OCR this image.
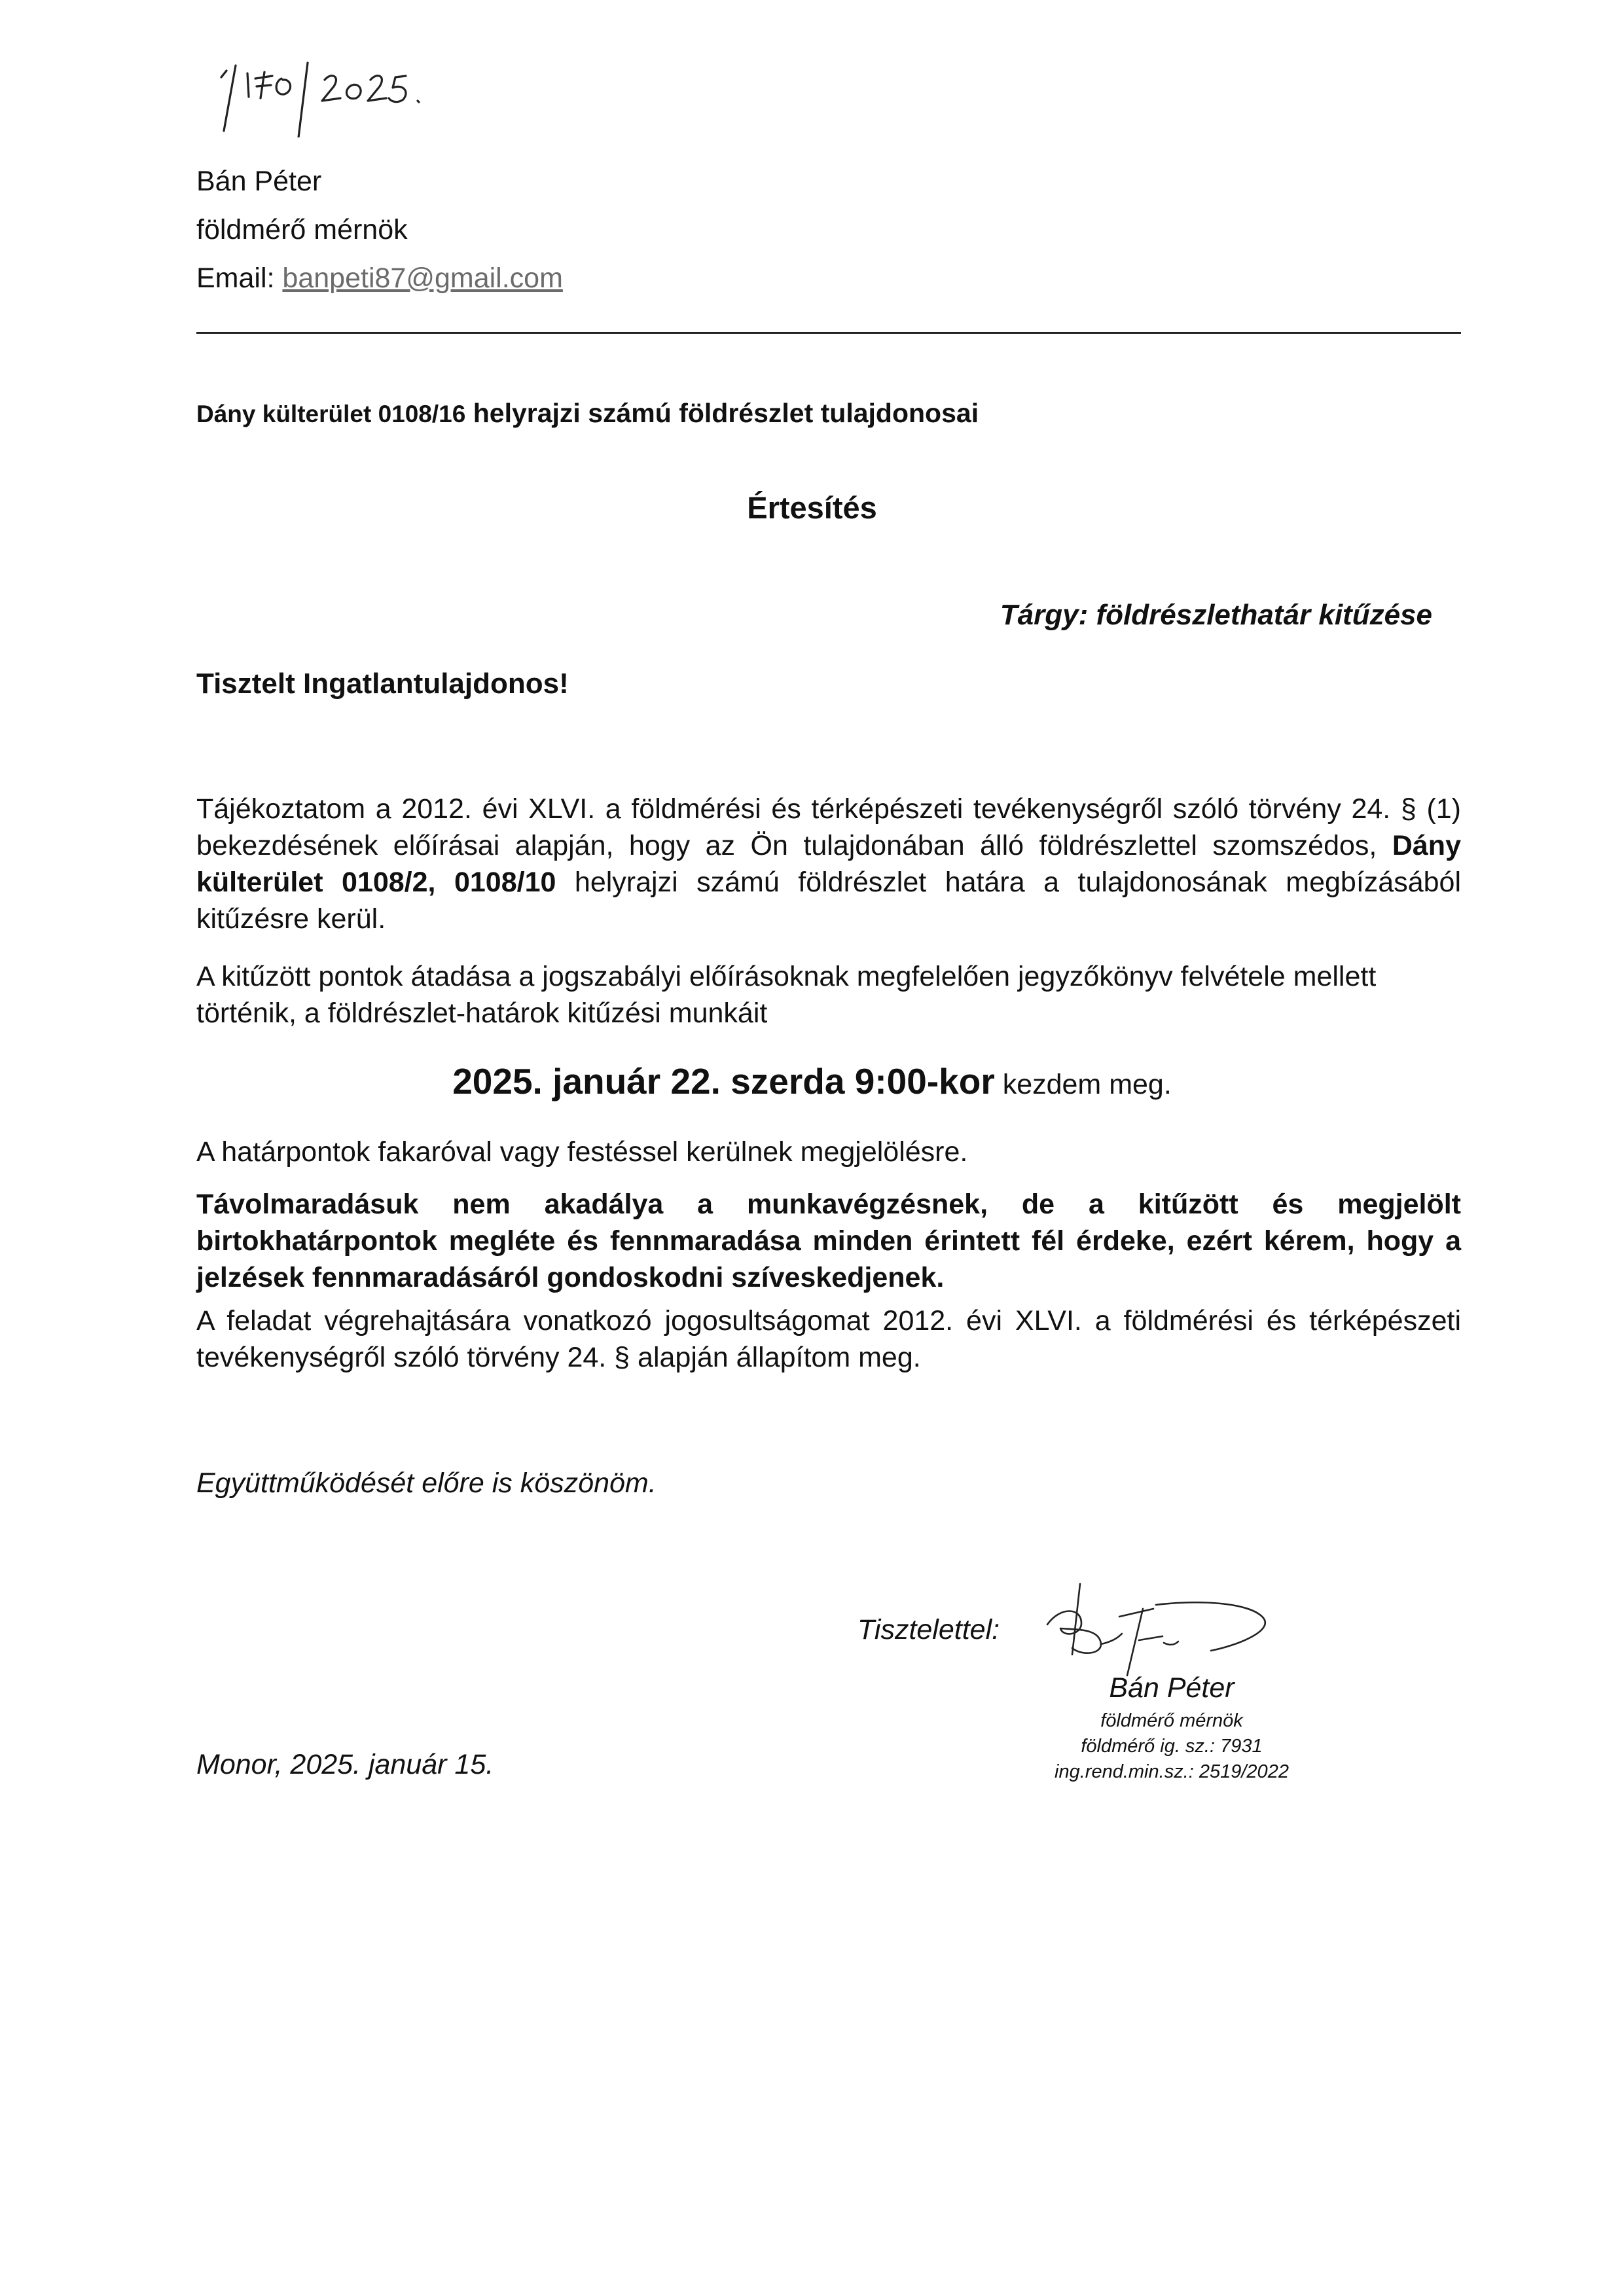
Bán Péter
földmérő mérnök
Email: banpeti87@gmail.com
Dány külterület 0108/16 helyrajzi számú földrészlet tulajdonosai
Értesítés
Tárgy: földrészlethatár kitűzése
Tisztelt Ingatlantulajdonos!
Tájékoztatom a 2012. évi XLVI. a földmérési és térképészeti tevékenységről szóló törvény 24. § (1) bekezdésének előírásai alapján, hogy az Ön tulajdonában álló földrészlettel szomszédos, Dány külterület 0108/2, 0108/10 helyrajzi számú földrészlet határa a tulajdonosának megbízásából kitűzésre kerül.
A kitűzött pontok átadása a jogszabályi előírásoknak megfelelően jegyzőkönyv felvétele mellett történik, a földrészlet-határok kitűzési munkáit
2025. január 22. szerda 9:00-kor kezdem meg.
A határpontok fakaróval vagy festéssel kerülnek megjelölésre.
Távolmaradásuk nem akadálya a munkavégzésnek, de a kitűzött és megjelölt birtokhatárpontok megléte és fennmaradása minden érintett fél érdeke, ezért kérem, hogy a jelzések fennmaradásáról gondoskodni szíveskedjenek.
A feladat végrehajtására vonatkozó jogosultságomat 2012. évi XLVI. a földmérési és térképészeti tevékenységről szóló törvény 24. § alapján állapítom meg.
Együttműködését előre is köszönöm.
Tisztelettel:
Bán Péter
földmérő mérnök
földmérő ig. sz.: 7931
ing.rend.min.sz.: 2519/2022
Monor, 2025. január 15.
